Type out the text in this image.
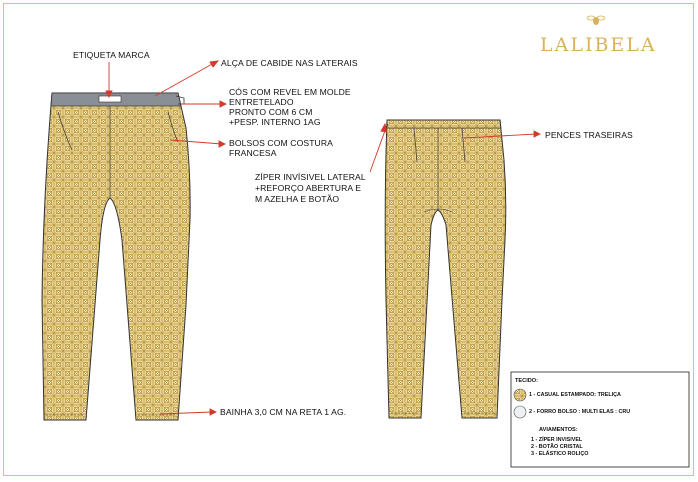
LALIBELA
ETIQUETA MARCA
ALÇA DE CABIDE NAS LATERAIS
CÓS COM REVEL EM MOLDE
ENTRETELADO
PRONTO COM 6 CM
+PESP. INTERNO 1AG
BOLSOS COM COSTURA
FRANCESA
ZÍPER INVÍSIVEL LATERAL
+REFORÇO ABERTURA E
M AZELHA E BOTÃO
PENCES TRASEIRAS
BAINHA 3,0 CM NA RETA 1 AG.
TECIDO:
1 - CASUAL ESTAMPADO: TRELIÇA
2 - FORRO BOLSO : MULTI ELAS : CRU
AVIAMENTOS:
1 - ZÍPER INVISIVEL
2 - BOTÃO CRISTAL
3 - ELÁSTICO ROLIÇO
